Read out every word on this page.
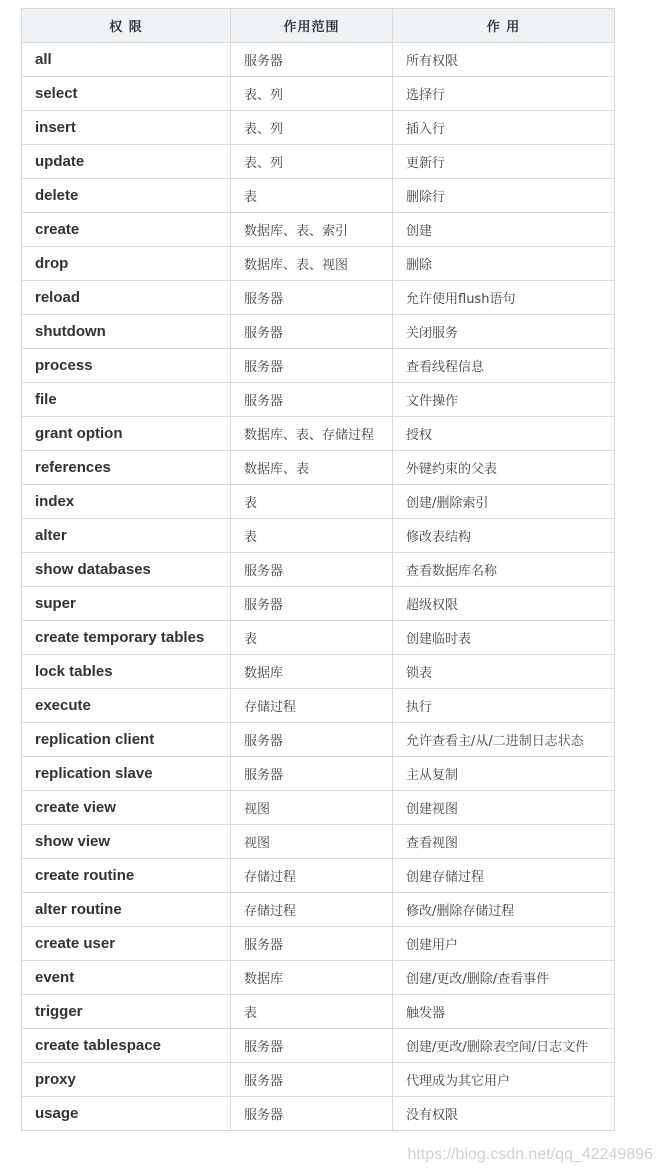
权 限	作用范围	作 用
all	服务器	所有权限
select	表、列	选择行
insert	表、列	插入行
update	表、列	更新行
delete	表	删除行
create	数据库、表、索引	创建
drop	数据库、表、视图	删除
reload	服务器	允许使用flush语句
shutdown	服务器	关闭服务
process	服务器	查看线程信息
file	服务器	文件操作
grant option	数据库、表、存储过程	授权
references	数据库、表	外键约束的父表
index	表	创建/删除索引
alter	表	修改表结构
show databases	服务器	查看数据库名称
super	服务器	超级权限
create temporary tables	表	创建临时表
lock tables	数据库	锁表
execute	存储过程	执行
replication client	服务器	允许查看主/从/二进制日志状态
replication slave	服务器	主从复制
create view	视图	创建视图
show view	视图	查看视图
create routine	存储过程	创建存储过程
alter routine	存储过程	修改/删除存储过程
create user	服务器	创建用户
event	数据库	创建/更改/删除/查看事件
trigger	表	触发器
create tablespace	服务器	创建/更改/删除表空间/日志文件
proxy	服务器	代理成为其它用户
usage	服务器	没有权限
https://blog.csdn.net/qq_42249896
